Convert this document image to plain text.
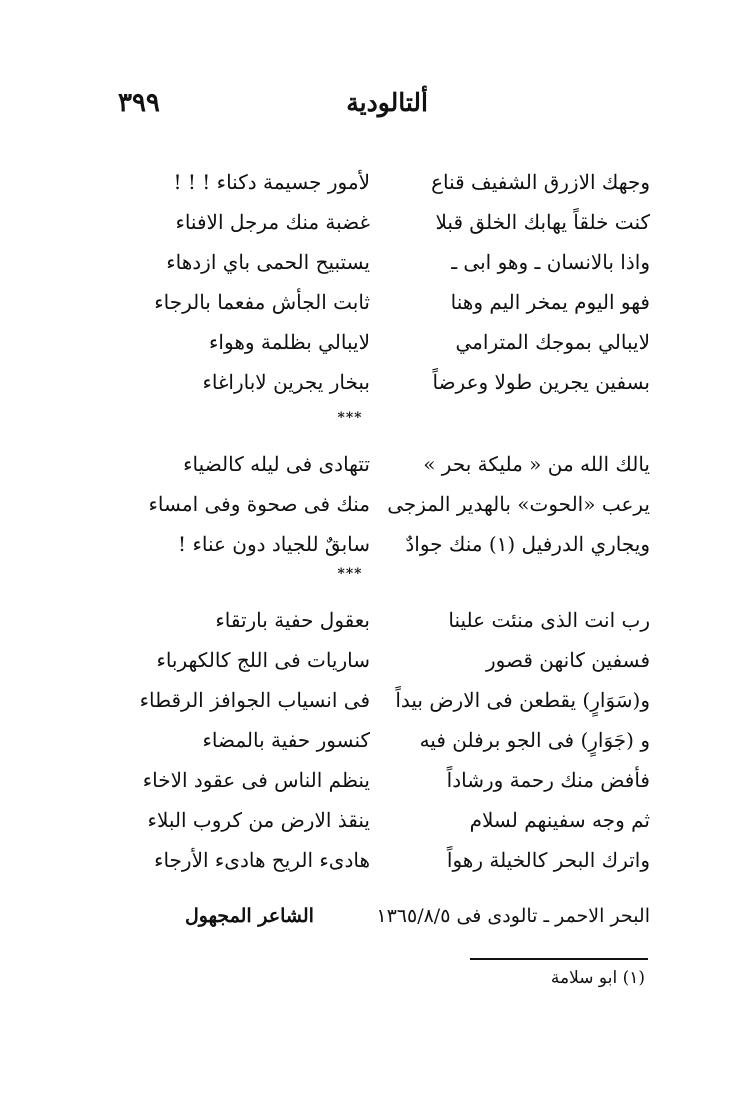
٣٩٩	ألتالودية
وجهك الازرق الشفيف قناع
لأمور جسيمة دكناء ! ! !
كنت خلقاً يهابك الخلق قبلا
غضبة منك مرجل الافناء
واذا بالانسان ـ وهو ابى ـ
يستبيح الحمى باي ازدهاء
فهو اليوم يمخر اليم وهنا
ثابت الجأش مفعما بالرجاء
لايبالي بموجك المترامي
لايبالي بظلمة وهواء
بسفين يجرين طولا وعرضاً
ببخار يجرين لاباراغاء
***
يالك الله من « مليكة بحر »
تتهادى فى ليله كالضياء
يرعب «الحوت» بالهدير المزجى
منك فى صحوة وفى امساء
ويجاري الدرفيل (١) منك جوادٌ
سابقٌ للجياد دون عناء !
***
رب انت الذى منئت علينا
بعقول حفية بارتقاء
فسفين كانهن قصور
ساريات فى اللج كالكهرباء
و(سَوَارٍ) يقطعن فى الارض بيداً
فى انسياب الجوافز الرقطاء
و (جَوَارٍ) فى الجو برفلن فيه
كنسور حفية بالمضاء
فأفض منك رحمة ورشاداً
ينظم الناس فى عقود الاخاء
ثم وجه سفينهم لسلام
ينقذ الارض من كروب البلاء
واترك البحر كالخيلة رهواً
هادىء الريح هادىء الأرجاء
البحر الاحمر ـ تالودى فى ١٣٦٥/٨/٥
الشاعر المجهول
(١) ابو سلامة
